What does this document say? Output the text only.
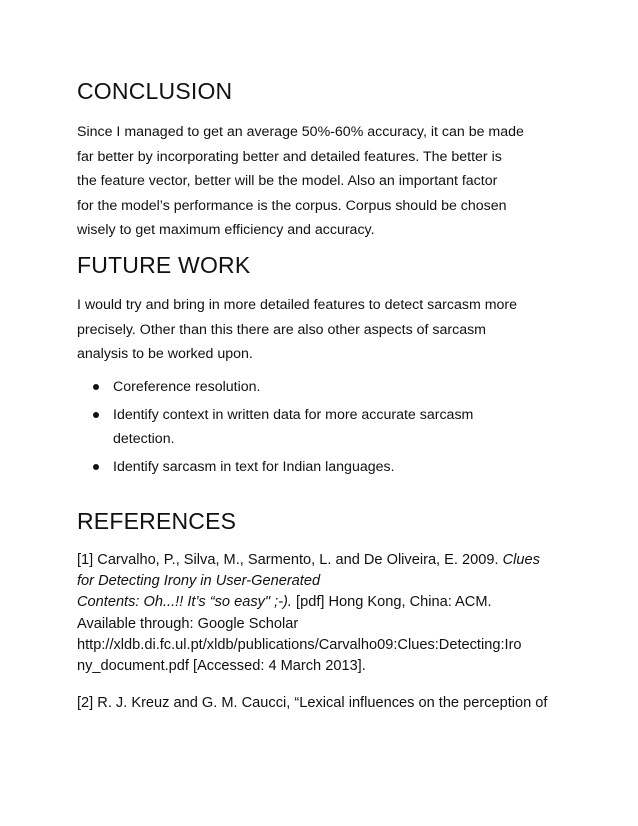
CONCLUSION

Since I managed to get an average 50%-60% accuracy, it can be made
far better by incorporating better and detailed features. The better is
the feature vector, better will be the model. Also an important factor
for the model’s performance is the corpus. Corpus should be chosen
wisely to get maximum efficiency and accuracy.

FUTURE WORK

I would try and bring in more detailed features to detect sarcasm more
precisely. Other than this there are also other aspects of sarcasm
analysis to be worked upon.

Coreference resolution.
Identify context in written data for more accurate sarcasm
detection.
Identify sarcasm in text for Indian languages.
REFERENCES

[1] Carvalho, P., Silva, M., Sarmento, L. and De Oliveira, E. 2009. Clues
for Detecting Irony in User-Generated
Contents: Oh...!! It’s “so easy" ;-). [pdf] Hong Kong, China: ACM.
Available through: Google Scholar
http://xldb.di.fc.ul.pt/xldb/publications/Carvalho09:Clues:Detecting:Iro
ny_document.pdf [Accessed: 4 March 2013].

[2] R. J. Kreuz and G. M. Caucci, “Lexical influences on the perception of
